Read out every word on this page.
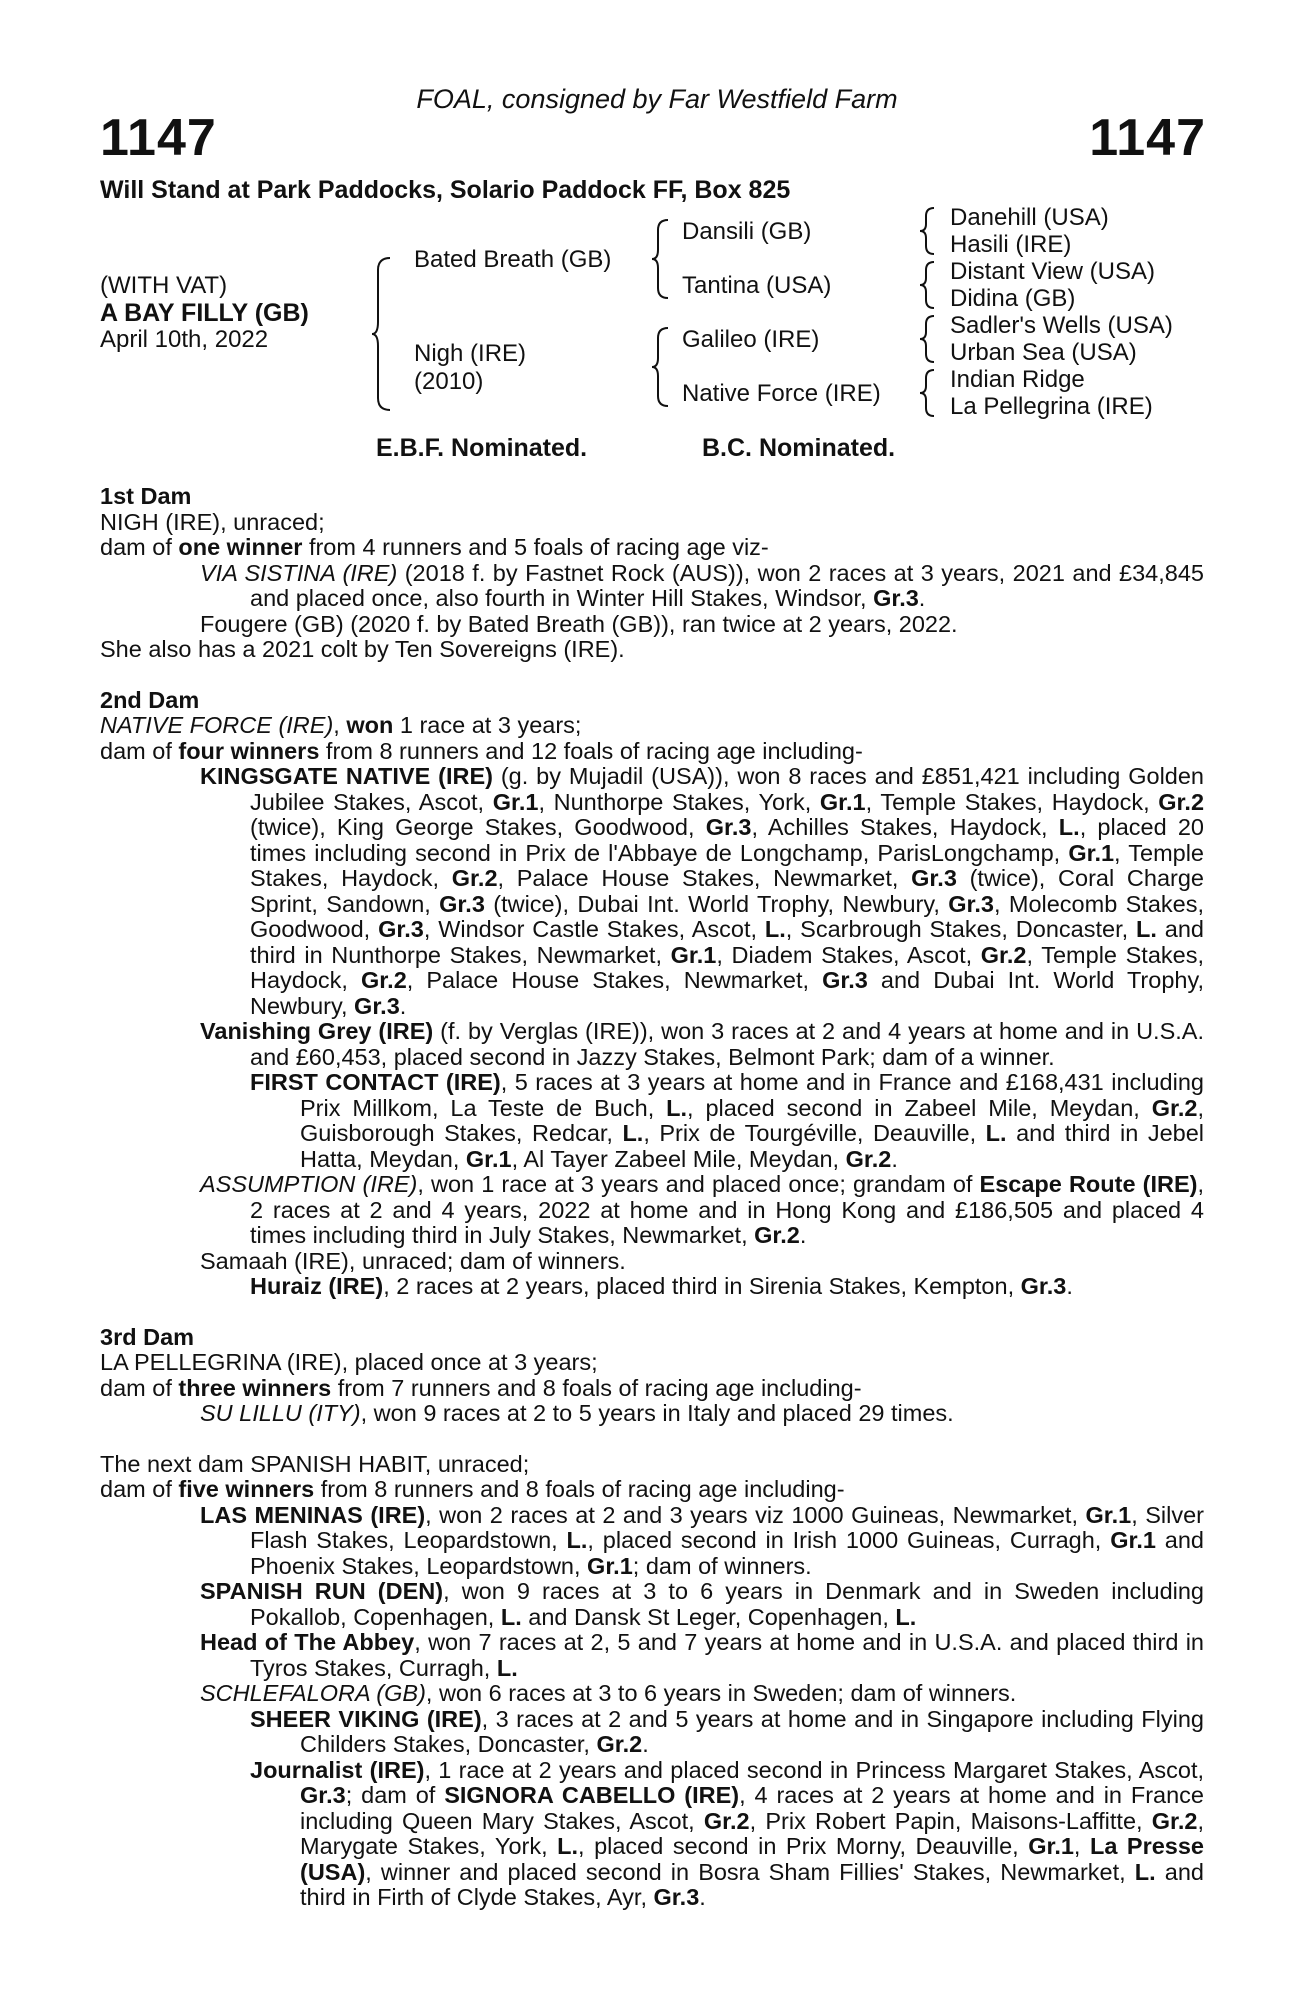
FOAL, consigned by Far Westfield Farm
1147	1147
Will Stand at Park Paddocks, Solario Paddock FF, Box 825
(WITH VAT)
A BAY FILLY (GB)
April 10th, 2022
Bated Breath (GB)
Nigh (IRE)
(2010)
Dansili (GB)
Tantina (USA)
Galileo (IRE)
Native Force (IRE)
Danehill (USA)
Hasili (IRE)
Distant View (USA)
Didina (GB)
Sadler's Wells (USA)
Urban Sea (USA)
Indian Ridge
La Pellegrina (IRE)
E.B.F. Nominated.	B.C. Nominated.

1st Dam

NIGH (IRE), unraced;

dam of one winner from 4 runners and 5 foals of racing age viz-

VIA SISTINA (IRE) (2018 f. by Fastnet Rock (AUS)), won 2 races at 3 years, 2021 and £34,845 and placed once, also fourth in Winter Hill Stakes, Windsor, Gr.3.

Fougere (GB) (2020 f. by Bated Breath (GB)), ran twice at 2 years, 2022.

She also has a 2021 colt by Ten Sovereigns (IRE).

2nd Dam

NATIVE FORCE (IRE), won 1 race at 3 years;

dam of four winners from 8 runners and 12 foals of racing age including-

KINGSGATE NATIVE (IRE) (g. by Mujadil (USA)), won 8 races and £851,421 including Golden Jubilee Stakes, Ascot, Gr.1, Nunthorpe Stakes, York, Gr.1, Temple Stakes, Haydock, Gr.2 (twice), King George Stakes, Goodwood, Gr.3, Achilles Stakes, Haydock, L., placed 20 times including second in Prix de l'Abbaye de Longchamp, ParisLongchamp, Gr.1, Temple Stakes, Haydock, Gr.2, Palace House Stakes, Newmarket, Gr.3 (twice), Coral Charge Sprint, Sandown, Gr.3 (twice), Dubai Int. World Trophy, Newbury, Gr.3, Molecomb Stakes, Goodwood, Gr.3, Windsor Castle Stakes, Ascot, L., Scarbrough Stakes, Doncaster, L. and third in Nunthorpe Stakes, Newmarket, Gr.1, Diadem Stakes, Ascot, Gr.2, Temple Stakes, Haydock, Gr.2, Palace House Stakes, Newmarket, Gr.3 and Dubai Int. World Trophy, Newbury, Gr.3.

Vanishing Grey (IRE) (f. by Verglas (IRE)), won 3 races at 2 and 4 years at home and in U.S.A. and £60,453, placed second in Jazzy Stakes, Belmont Park; dam of a winner.

FIRST CONTACT (IRE), 5 races at 3 years at home and in France and £168,431 including Prix Millkom, La Teste de Buch, L., placed second in Zabeel Mile, Meydan, Gr.2, Guisborough Stakes, Redcar, L., Prix de Tourgéville, Deauville, L. and third in Jebel Hatta, Meydan, Gr.1, Al Tayer Zabeel Mile, Meydan, Gr.2.

ASSUMPTION (IRE), won 1 race at 3 years and placed once; grandam of Escape Route (IRE), 2 races at 2 and 4 years, 2022 at home and in Hong Kong and £186,505 and placed 4 times including third in July Stakes, Newmarket, Gr.2.

Samaah (IRE), unraced; dam of winners.

Huraiz (IRE), 2 races at 2 years, placed third in Sirenia Stakes, Kempton, Gr.3.

3rd Dam

LA PELLEGRINA (IRE), placed once at 3 years;

dam of three winners from 7 runners and 8 foals of racing age including-

SU LILLU (ITY), won 9 races at 2 to 5 years in Italy and placed 29 times.

The next dam SPANISH HABIT, unraced;

dam of five winners from 8 runners and 8 foals of racing age including-

LAS MENINAS (IRE), won 2 races at 2 and 3 years viz 1000 Guineas, Newmarket, Gr.1, Silver Flash Stakes, Leopardstown, L., placed second in Irish 1000 Guineas, Curragh, Gr.1 and Phoenix Stakes, Leopardstown, Gr.1; dam of winners.

SPANISH RUN (DEN), won 9 races at 3 to 6 years in Denmark and in Sweden including Pokallob, Copenhagen, L. and Dansk St Leger, Copenhagen, L.

Head of The Abbey, won 7 races at 2, 5 and 7 years at home and in U.S.A. and placed third in Tyros Stakes, Curragh, L.

SCHLEFALORA (GB), won 6 races at 3 to 6 years in Sweden; dam of winners.

SHEER VIKING (IRE), 3 races at 2 and 5 years at home and in Singapore including Flying Childers Stakes, Doncaster, Gr.2.

Journalist (IRE), 1 race at 2 years and placed second in Princess Margaret Stakes, Ascot, Gr.3; dam of SIGNORA CABELLO (IRE), 4 races at 2 years at home and in France including Queen Mary Stakes, Ascot, Gr.2, Prix Robert Papin, Maisons-Laffitte, Gr.2, Marygate Stakes, York, L., placed second in Prix Morny, Deauville, Gr.1, La Presse (USA), winner and placed second in Bosra Sham Fillies' Stakes, Newmarket, L. and third in Firth of Clyde Stakes, Ayr, Gr.3.
